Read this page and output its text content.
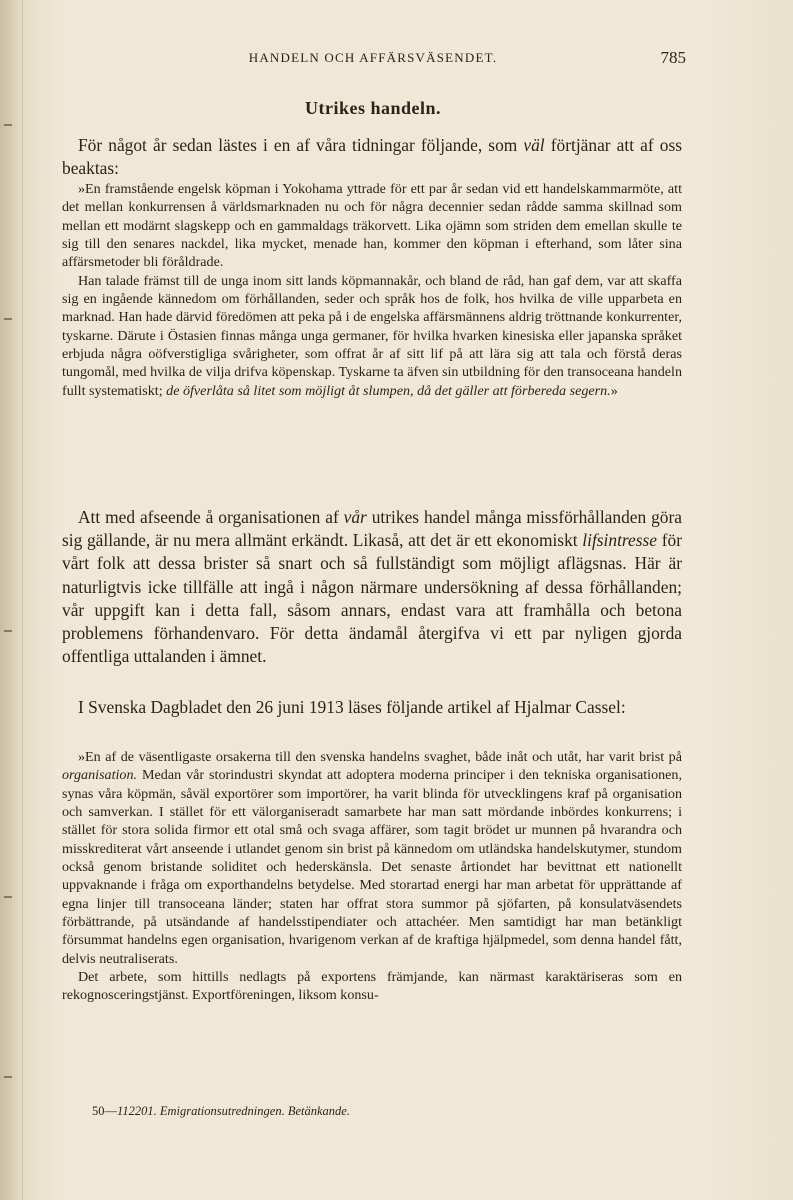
HANDELN OCH AFFÄRSVÄSENDET.	785
Utrikes handeln.

För något år sedan lästes i en af våra tidningar följande, som väl förtjänar att af oss beaktas:

»En framstående engelsk köpman i Yokohama yttrade för ett par år sedan vid ett handelskammarmöte, att det mellan konkurrensen å världsmarknaden nu och för några decennier sedan rådde samma skillnad som mellan ett modärnt slagskepp och en gammaldags träkorvett. Lika ojämn som striden dem emellan skulle te sig till den senares nackdel, lika mycket, menade han, kommer den köpman i efterhand, som låter sina affärsmetoder bli föråldrade.

Han talade främst till de unga inom sitt lands köpmannakår, och bland de råd, han gaf dem, var att skaffa sig en ingående kännedom om förhållanden, seder och språk hos de folk, hos hvilka de ville upparbeta en marknad. Han hade därvid föredömen att peka på i de engelska affärsmännens aldrig tröttnande konkurrenter, tyskarne. Därute i Östasien finnas många unga germaner, för hvilka hvarken kinesiska eller japanska språket erbjuda några oöfverstigliga svårigheter, som offrat år af sitt lif på att lära sig att tala och förstå deras tungomål, med hvilka de vilja drifva köpenskap. Tyskarne ta äfven sin utbildning för den transoceana handeln fullt systematiskt; de öfverlåta så litet som möjligt åt slumpen, då det gäller att förbereda segern.»

Att med afseende å organisationen af vår utrikes handel många missförhållanden göra sig gällande, är nu mera allmänt erkändt. Likaså, att det är ett ekonomiskt lifsintresse för vårt folk att dessa brister så snart och så fullständigt som möjligt aflägsnas. Här är naturligtvis icke tillfälle att ingå i någon närmare undersökning af dessa förhållanden; vår uppgift kan i detta fall, såsom annars, endast vara att framhålla och betona problemens förhandenvaro. För detta ändamål återgifva vi ett par nyligen gjorda offentliga uttalanden i ämnet.

I Svenska Dagbladet den 26 juni 1913 läses följande artikel af Hjalmar Cassel:

»En af de väsentligaste orsakerna till den svenska handelns svaghet, både inåt och utåt, har varit brist på organisation. Medan vår storindustri skyndat att adoptera moderna principer i den tekniska organisationen, synas våra köpmän, såväl exportörer som importörer, ha varit blinda för utvecklingens kraf på organisation och samverkan. I stället för ett välorganiseradt samarbete har man satt mördande inbördes konkurrens; i stället för stora solida firmor ett otal små och svaga affärer, som tagit brödet ur munnen på hvarandra och misskrediterat vårt anseende i utlandet genom sin brist på kännedom om utländska handelskutymer, stundom också genom bristande soliditet och hederskänsla. Det senaste årtiondet har bevittnat ett nationellt uppvaknande i fråga om exporthandelns betydelse. Med storartad energi har man arbetat för upprättande af egna linjer till transoceana länder; staten har offrat stora summor på sjöfarten, på konsulatväsendets förbättrande, på utsändande af handelsstipendiater och attachéer. Men samtidigt har man betänkligt försummat handelns egen organisation, hvarigenom verkan af de kraftiga hjälpmedel, som denna handel fått, delvis neutraliserats.

Det arbete, som hittills nedlagts på exportens främjande, kan närmast karaktäriseras som en rekognosceringstjänst. Exportföreningen, liksom konsu-

50—112201. Emigrationsutredningen. Betänkande.
